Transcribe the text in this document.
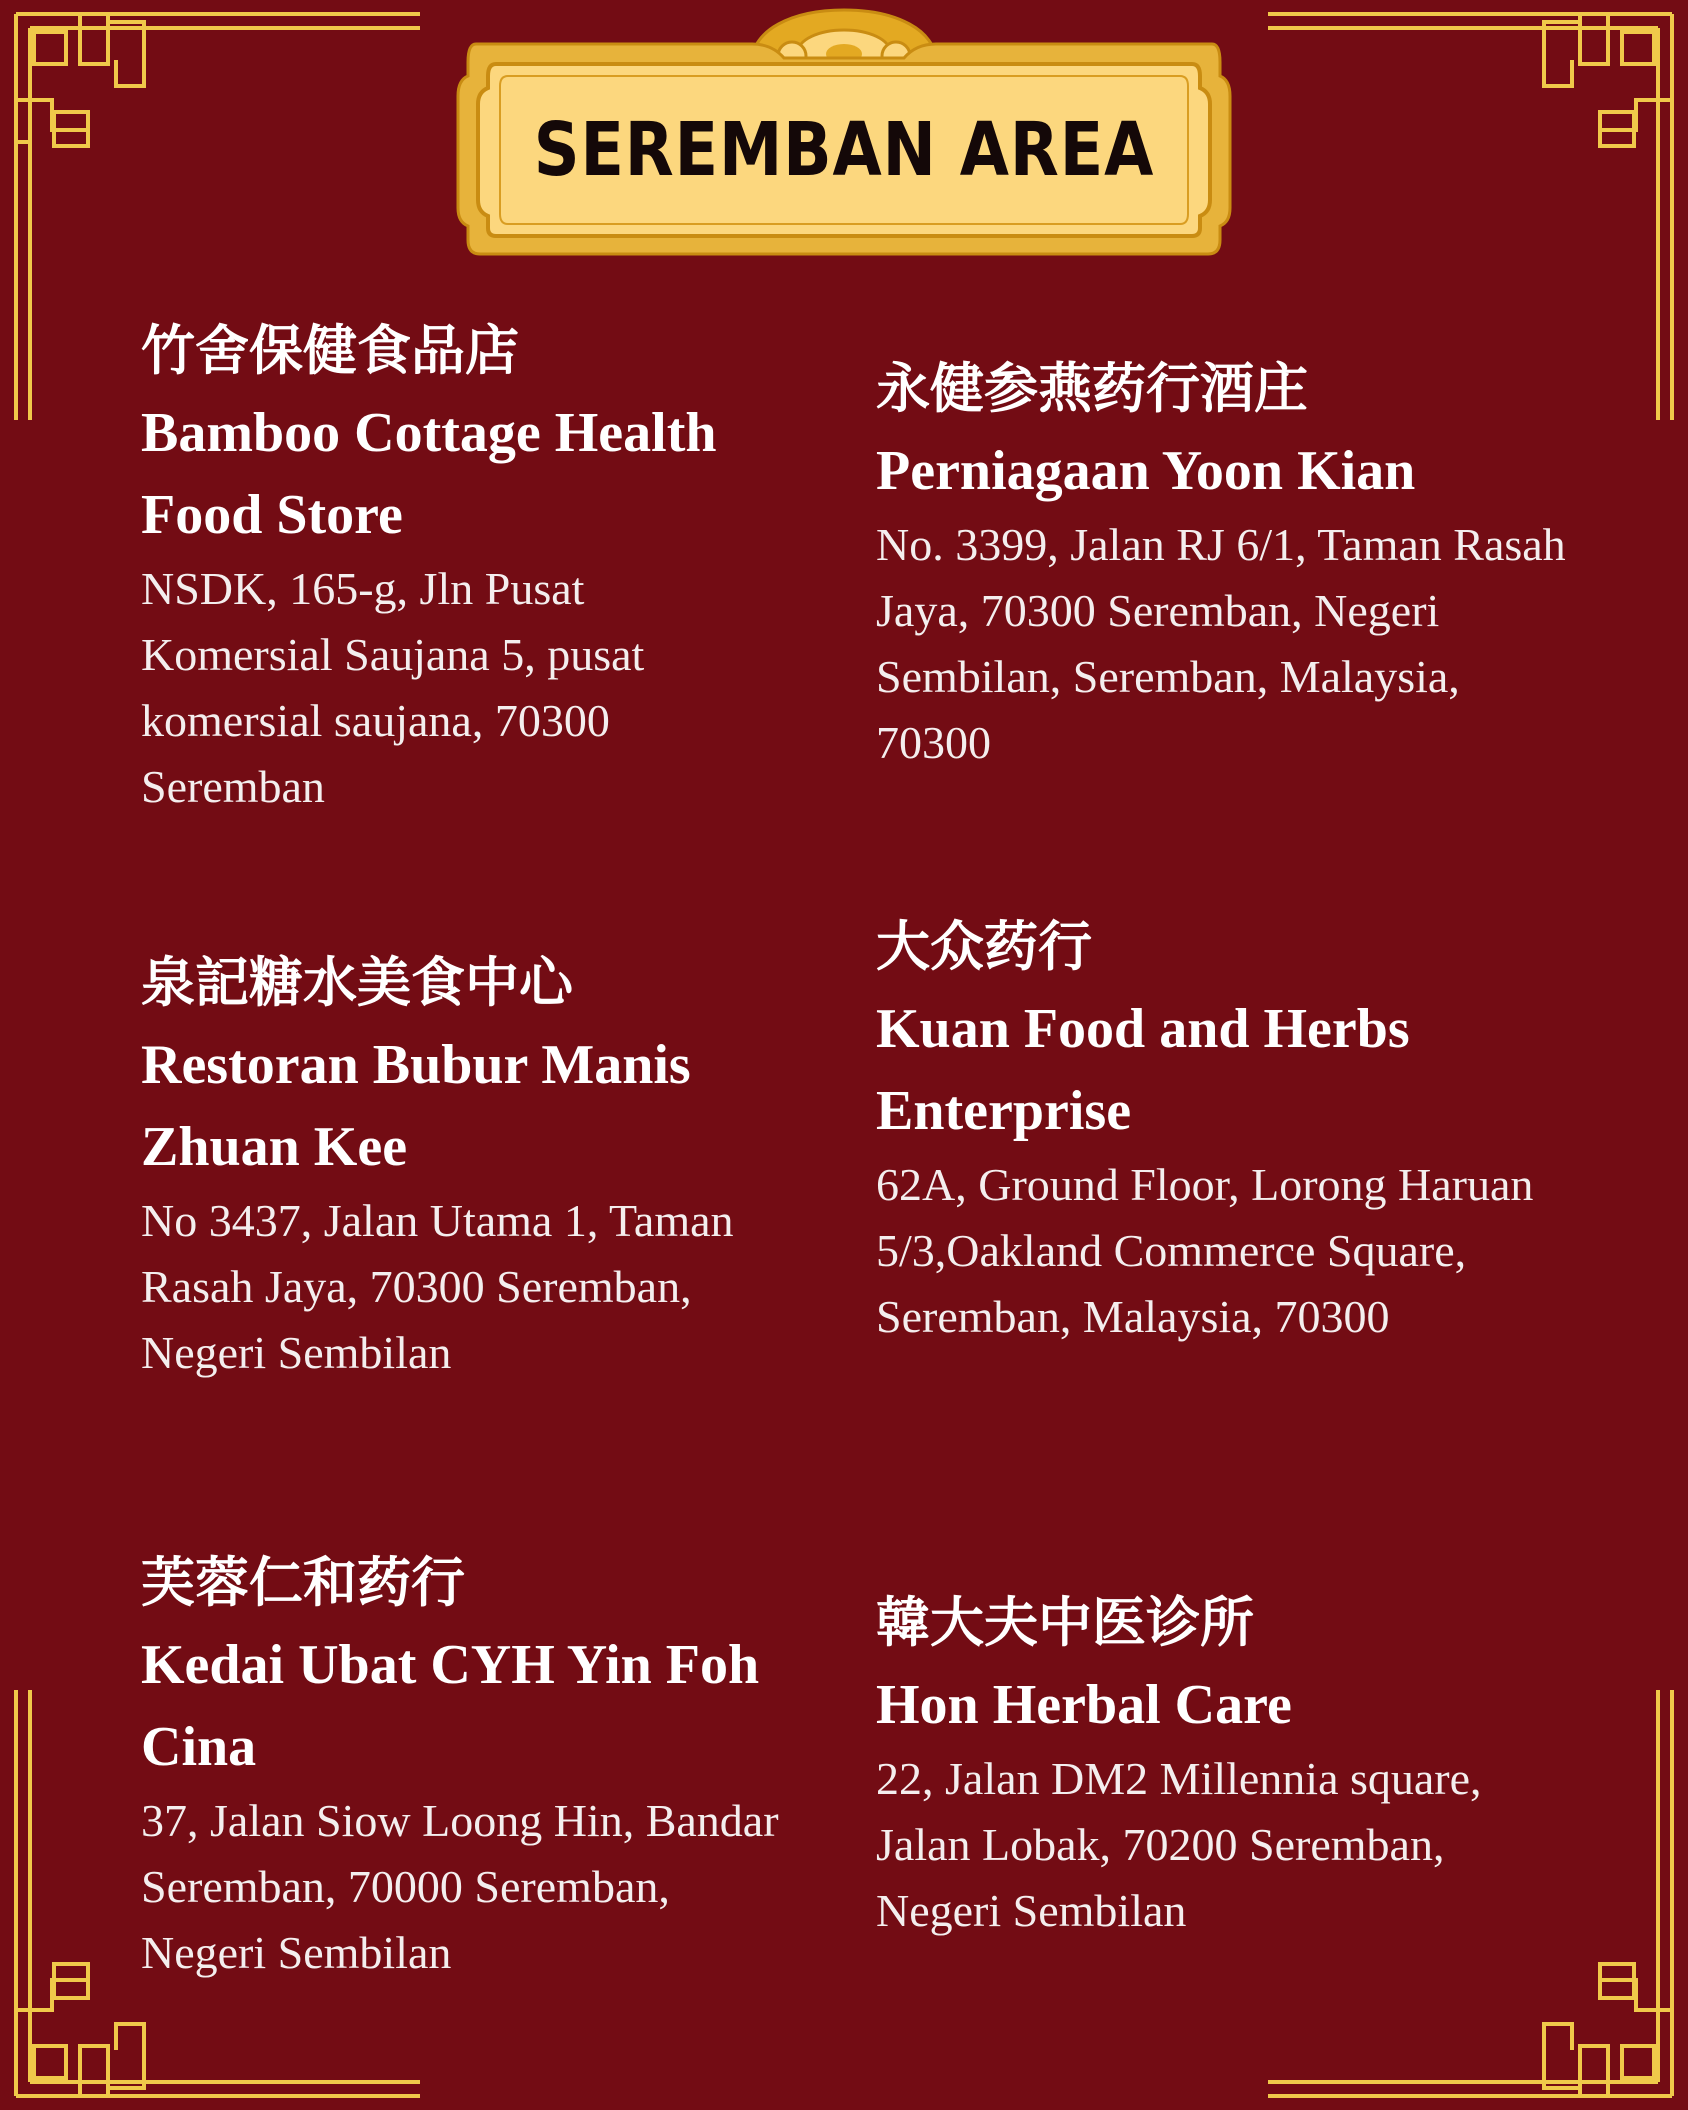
SEREMBAN AREA
竹舍保健食品店
Bamboo Cottage Health Food Store
NSDK, 165-g, Jln Pusat Komersial Saujana 5, pusat komersial saujana, 70300 Seremban
永健参燕药行酒庄
Perniagaan Yoon Kian
No. 3399, Jalan RJ 6/1, Taman Rasah Jaya, 70300 Seremban, Negeri Sembilan, Seremban, Malaysia, 70300
泉記糖水美食中心
Restoran Bubur Manis Zhuan Kee
No 3437, Jalan Utama 1, Taman Rasah Jaya, 70300 Seremban, Negeri Sembilan
大众药行
Kuan Food and Herbs Enterprise
62A, Ground Floor, Lorong Haruan 5/3,Oakland Commerce Square, Seremban, Malaysia, 70300
芙蓉仁和药行
Kedai Ubat CYH Yin Foh Cina
37, Jalan Siow Loong Hin, Bandar Seremban, 70000 Seremban, Negeri Sembilan
韓大夫中医诊所
Hon Herbal Care
22, Jalan DM2 Millennia square, Jalan Lobak, 70200 Seremban, Negeri Sembilan
